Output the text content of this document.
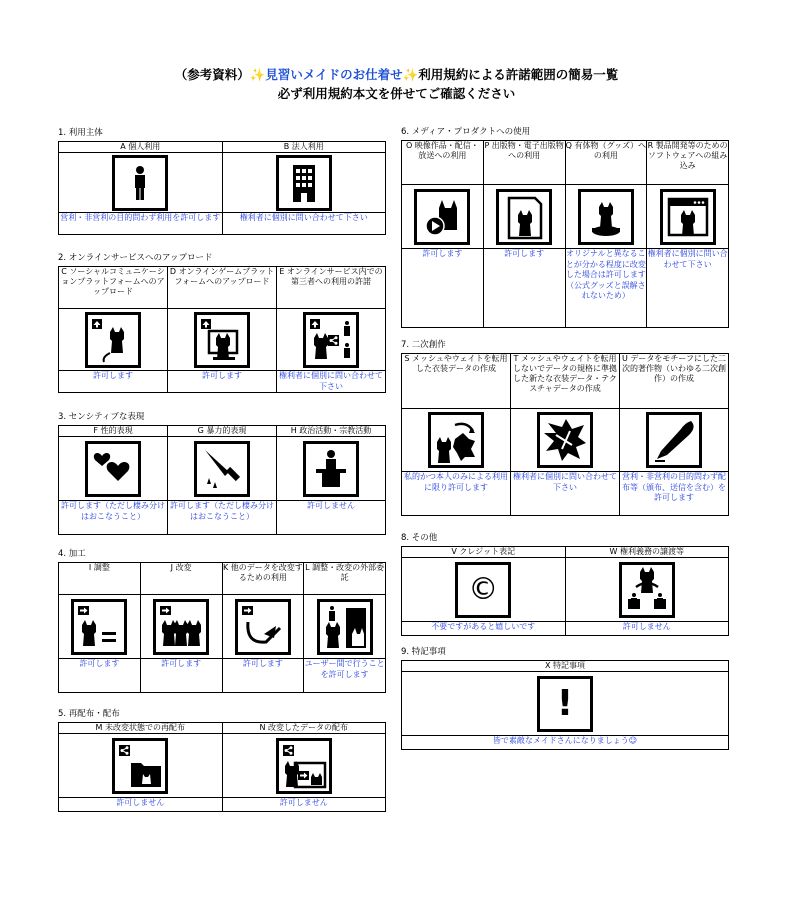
（参考資料）✨見習いメイドのお仕着せ✨利用規約による許諾範囲の簡易一覧
必ず利用規約本文を併せてご確認ください
1. 利用主体
A 個人利用	B 法人利用

営利・非営利の目的問わず利用を許可します	権利者に個別に問い合わせて下さい
2. オンラインサービスへのアップロード
C ソーシャルコミュニケーションプラットフォームへのアップロード	D オンラインゲームプラットフォームへのアップロード	E オンラインサービス内での第三者への利用の許諾

許可します	許可します	権利者に個別に問い合わせて下さい
3. センシティブな表現
F 性的表現	G 暴力的表現	H 政治活動・宗教活動

許可します（ただし棲み分けはおこなうこと）	許可します（ただし棲み分けはおこなうこと）	許可しません
4. 加工
I 調整	J 改変	K 他のデータを改変するための利用	L 調整・改変の外部委託

許可します	許可します	許可します	ユーザー間で行うことを許可します
5. 再配布・配布
M 未改変状態での再配布	N 改変したデータの配布

許可しません	許可しません
6. メディア・プロダクトへの使用
O 映像作品・配信・放送への利用	P 出版物・電子出版物への利用	Q 有体物（グッズ）への利用	R 製品開発等のためのソフトウェアへの組み込み

許可します	許可します	オリジナルと異なることが分かる程度に改変した場合は許可します（公式グッズと誤解されないため）	権利者に個別に問い合わせて下さい
7. 二次創作
S メッシュやウェイトを転用した衣装データの作成	T メッシュやウェイトを転用しないでデータの規格に準拠した新たな衣装データ・テクスチャデータの作成	U データをモチーフにした二次的著作物（いわゆる二次創作）の作成

私的かつ本人のみによる利用に限り許可します	権利者に個別に問い合わせて下さい	営利・非営利の目的問わず配布等（頒布、送信を含む）を許可します
8. その他
V クレジット表記	W 権利義務の譲渡等
©	

不要ですがあると嬉しいです	許可しません
9. 特記事項
X 特記事項
!
皆で素敵なメイドさんになりましょう☺
